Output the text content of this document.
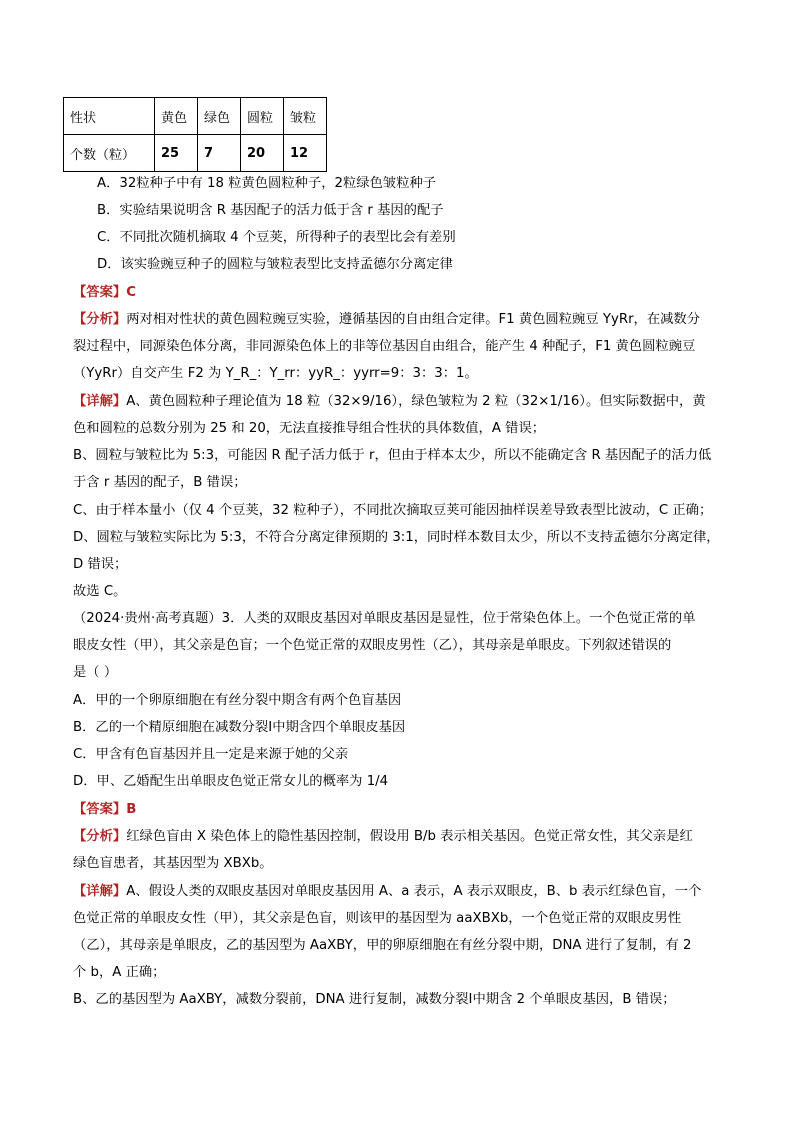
性状	黄色	绿色	圆粒	皱粒
个数（粒）	25	7	20	12
A．32粒种子中有 18 粒黄色圆粒种子，2粒绿色皱粒种子
B．实验结果说明含 R 基因配子的活力低于含 r 基因的配子
C．不同批次随机摘取 4 个豆荚，所得种子的表型比会有差别
D．该实验豌豆种子的圆粒与皱粒表型比支持孟德尔分离定律
【答案】C
【分析】两对相对性状的黄色圆粒豌豆实验，遵循基因的自由组合定律。F1 黄色圆粒豌豆 YyRr，在减数分
裂过程中，同源染色体分离，非同源染色体上的非等位基因自由组合，能产生 4 种配子，F1 黄色圆粒豌豆
（YyRr）自交产生 F2 为 Y_R_：Y_rr：yyR_：yyrr=9：3：3：1。
【详解】A、黄色圆粒种子理论值为 18 粒（32×9/16），绿色皱粒为 2 粒（32×1/16）。但实际数据中，黄
色和圆粒的总数分别为 25 和 20，无法直接推导组合性状的具体数值，A 错误；
B、圆粒与皱粒比为 5:3，可能因 R 配子活力低于 r，但由于样本太少，所以不能确定含 R 基因配子的活力低
于含 r 基因的配子，B 错误；
C、由于样本量小（仅 4 个豆荚，32 粒种子），不同批次摘取豆荚可能因抽样误差导致表型比波动，C 正确；
D、圆粒与皱粒实际比为 5:3，不符合分离定律预期的 3:1，同时样本数目太少，所以不支持孟德尔分离定律，
D 错误；
故选 C。
（2024·贵州·高考真题）3．人类的双眼皮基因对单眼皮基因是显性，位于常染色体上。一个色觉正常的单
眼皮女性（甲），其父亲是色盲；一个色觉正常的双眼皮男性（乙），其母亲是单眼皮。下列叙述错误的
是（ ）
A．甲的一个卵原细胞在有丝分裂中期含有两个色盲基因
B．乙的一个精原细胞在减数分裂Ⅰ中期含四个单眼皮基因
C．甲含有色盲基因并且一定是来源于她的父亲
D．甲、乙婚配生出单眼皮色觉正常女儿的概率为 1/4
【答案】B
【分析】红绿色盲由 X 染色体上的隐性基因控制，假设用 B/b 表示相关基因。色觉正常女性，其父亲是红
绿色盲患者，其基因型为 XBXb。
【详解】A、假设人类的双眼皮基因对单眼皮基因用 A、a 表示，A 表示双眼皮，B、b 表示红绿色盲，一个
色觉正常的单眼皮女性（甲），其父亲是色盲，则该甲的基因型为 aaXBXb，一个色觉正常的双眼皮男性
（乙），其母亲是单眼皮，乙的基因型为 AaXBY，甲的卵原细胞在有丝分裂中期，DNA 进行了复制，有 2
个 b，A 正确；
B、乙的基因型为 AaXBY，减数分裂前，DNA 进行复制，减数分裂Ⅰ中期含 2 个单眼皮基因，B 错误；
